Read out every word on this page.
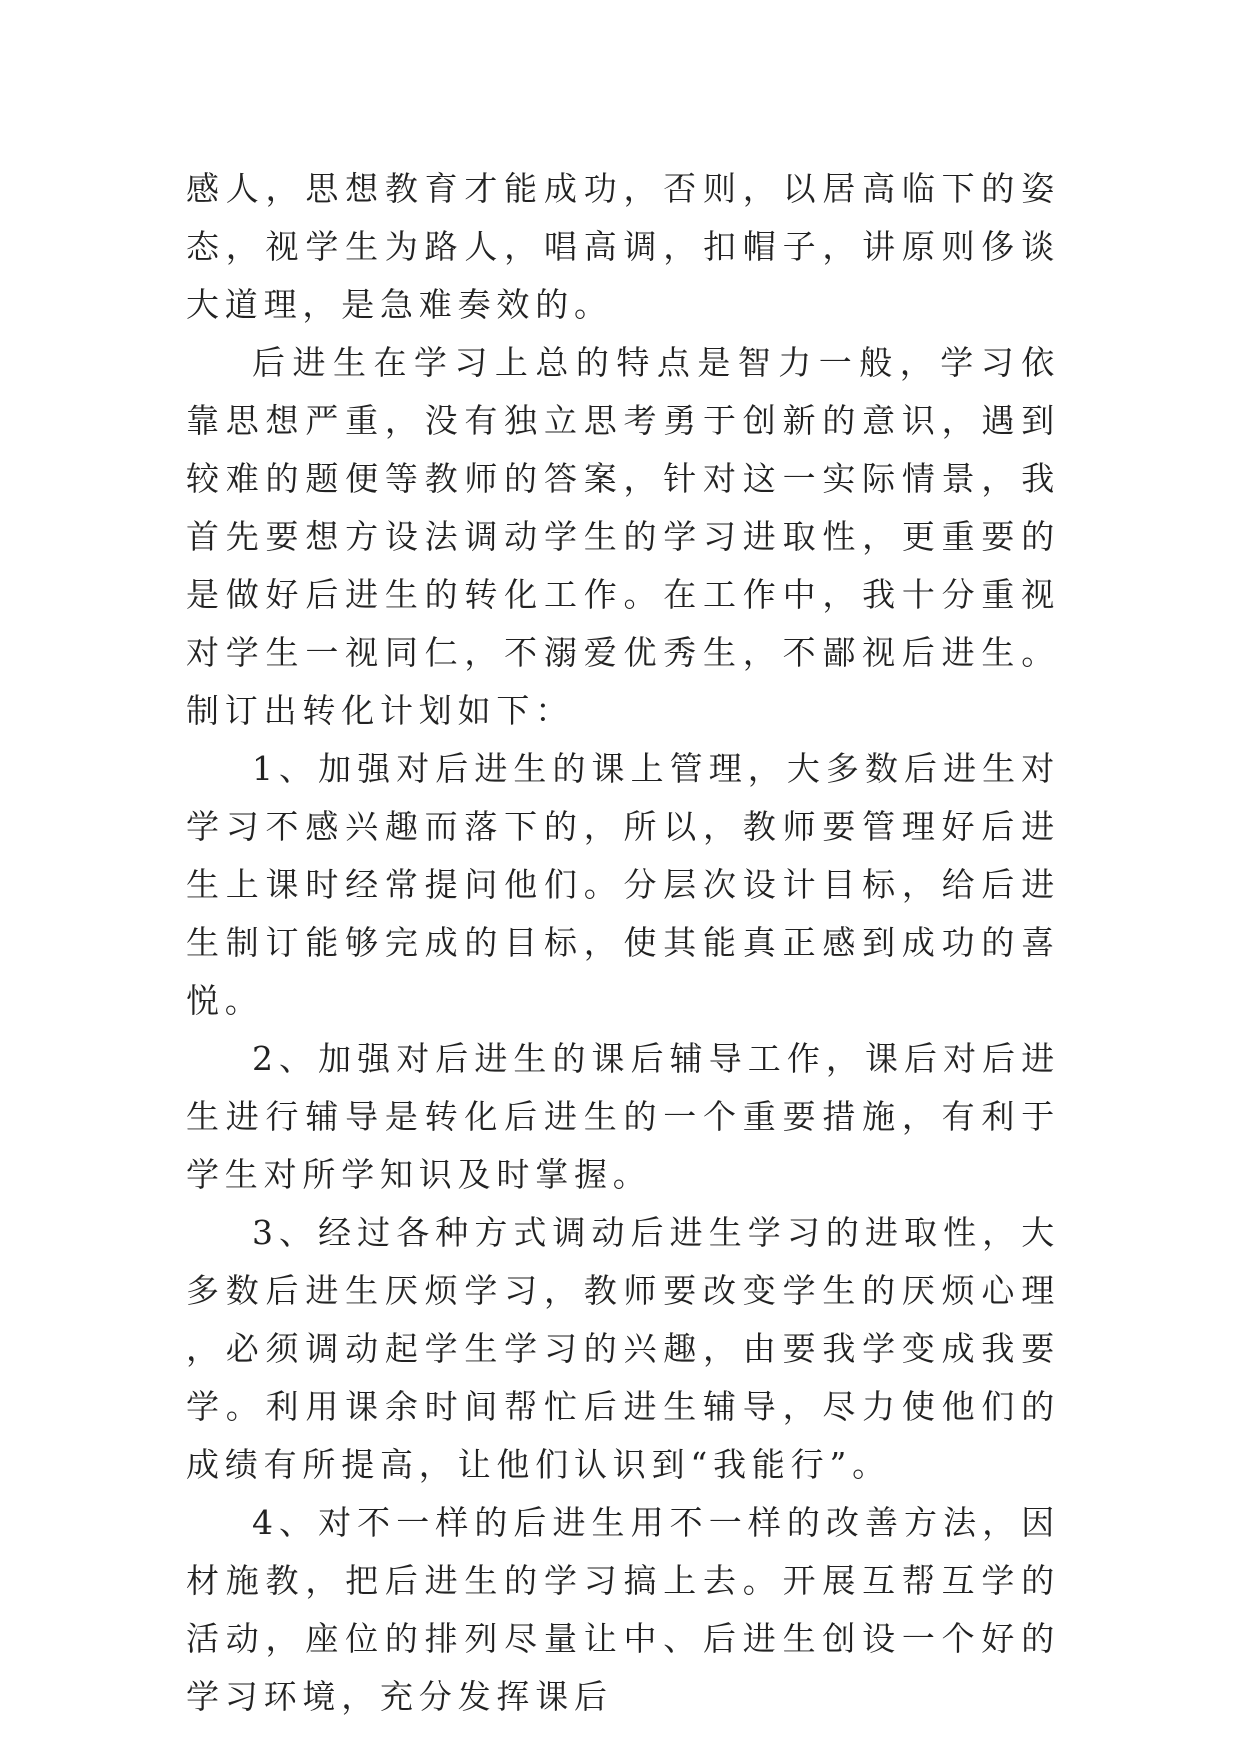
感人，思想教育才能成功，否则，以居高临下的姿态，视学生为路人，唱高调，扣帽子，讲原则侈谈大道理，是急难奏效的。

后进生在学习上总的特点是智力一般，学习依靠思想严重，没有独立思考勇于创新的意识，遇到较难的题便等教师的答案，针对这一实际情景，我首先要想方设法调动学生的学习进取性，更重要的是做好后进生的转化工作。在工作中，我十分重视对学生一视同仁，不溺爱优秀生，不鄙视后进生。制订出转化计划如下：

1、加强对后进生的课上管理，大多数后进生对学习不感兴趣而落下的，所以，教师要管理好后进生上课时经常提问他们。分层次设计目标，给后进生制订能够完成的目标，使其能真正感到成功的喜悦。

2、加强对后进生的课后辅导工作，课后对后进生进行辅导是转化后进生的一个重要措施，有利于学生对所学知识及时掌握。

3、经过各种方式调动后进生学习的进取性，大多数后进生厌烦学习，教师要改变学生的厌烦心理，必须调动起学生学习的兴趣，由要我学变成我要学。利用课余时间帮忙后进生辅导，尽力使他们的成绩有所提高，让他们认识到“我能行”。

4、对不一样的后进生用不一样的改善方法，因材施教，把后进生的学习搞上去。开展互帮互学的活动，座位的排列尽量让中、后进生创设一个好的学习环境，充分发挥课后
